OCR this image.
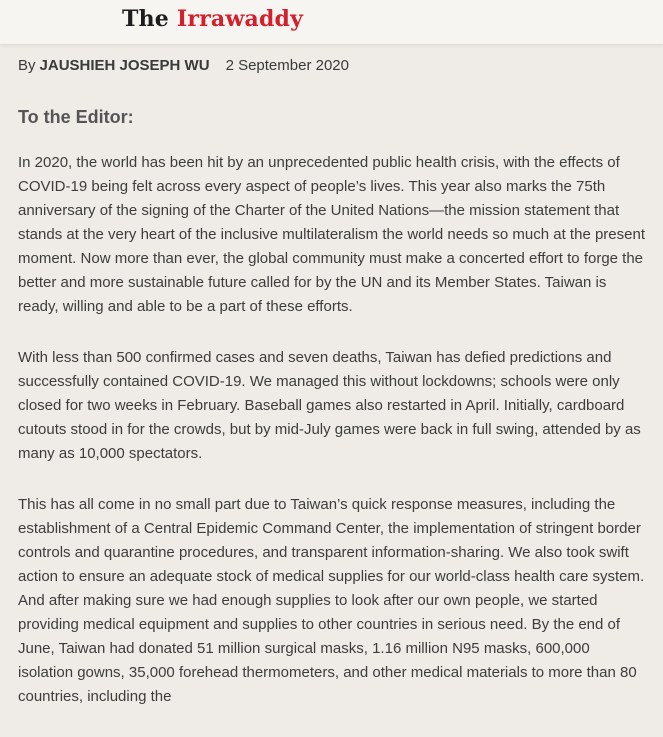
The Irrawaddy
By JAUSHIEH JOSEPH WU 2 September 2020
To the Editor:

In 2020, the world has been hit by an unprecedented public health crisis, with the effects of COVID-19 being felt across every aspect of people’s lives. This year also marks the 75th anniversary of the signing of the Charter of the United Nations—the mission statement that stands at the very heart of the inclusive multilateralism the world needs so much at the present moment. Now more than ever, the global community must make a concerted effort to forge the better and more sustainable future called for by the UN and its Member States. Taiwan is ready, willing and able to be a part of these efforts.

With less than 500 confirmed cases and seven deaths, Taiwan has defied predictions and successfully contained COVID-19. We managed this without lockdowns; schools were only closed for two weeks in February. Baseball games also restarted in April. Initially, cardboard cutouts stood in for the crowds, but by mid-July games were back in full swing, attended by as many as 10,000 spectators.

This has all come in no small part due to Taiwan’s quick response measures, including the establishment of a Central Epidemic Command Center, the implementation of stringent border controls and quarantine procedures, and transparent information-sharing. We also took swift action to ensure an adequate stock of medical supplies for our world-class health care system. And after making sure we had enough supplies to look after our own people, we started providing medical equipment and supplies to other countries in serious need. By the end of June, Taiwan had donated 51 million surgical masks, 1.16 million N95 masks, 600,000 isolation gowns, 35,000 forehead thermometers, and other medical materials to more than 80 countries, including the
